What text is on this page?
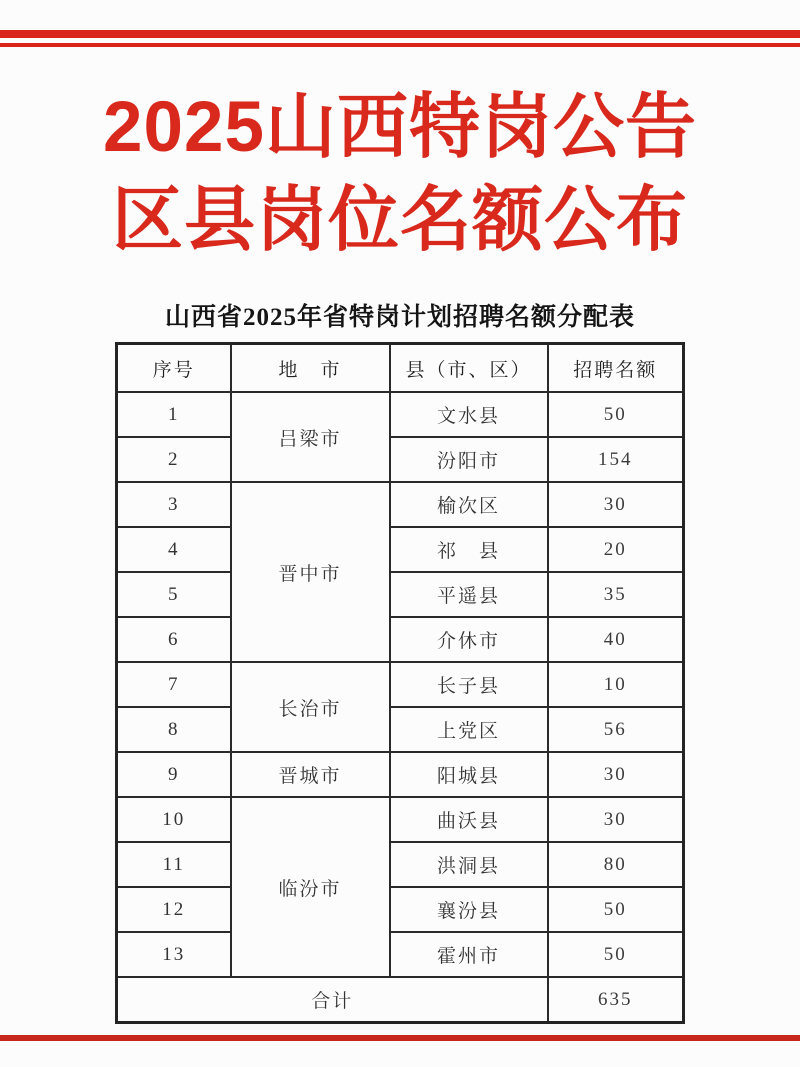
2025山西特岗公告
区县岗位名额公布
山西省2025年省特岗计划招聘名额分配表
序号	地　市	县（市、区）	招聘名额
1	吕梁市	文水县	50
2		汾阳市	154
3	晋中市	榆次区	30
4		祁　县	20
5		平遥县	35
6		介休市	40
7	长治市	长子县	10
8		上党区	56
9	晋城市	阳城县	30
10	临汾市	曲沃县	30
11		洪洞县	80
12		襄汾县	50
13		霍州市	50
合计			635
